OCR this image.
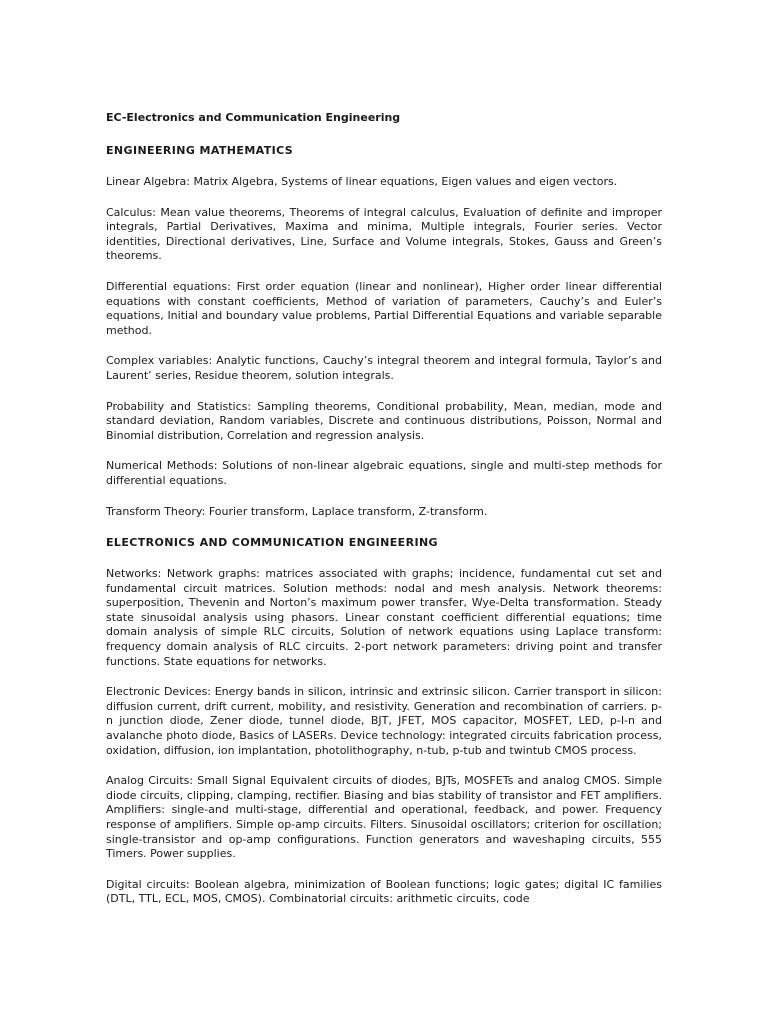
EC-Electronics and Communication Engineering
ENGINEERING MATHEMATICS

Linear Algebra: Matrix Algebra, Systems of linear equations, Eigen values and eigen vectors.

Calculus: Mean value theorems, Theorems of integral calculus, Evaluation of definite and improper integrals, Partial Derivatives, Maxima and minima, Multiple integrals, Fourier series. Vector identities, Directional derivatives, Line, Surface and Volume integrals, Stokes, Gauss and Green’s theorems.

Differential equations: First order equation (linear and nonlinear), Higher order linear differential equations with constant coefficients, Method of variation of parameters, Cauchy’s and Euler’s equations, Initial and boundary value problems, Partial Differential Equations and variable separable method.

Complex variables: Analytic functions, Cauchy’s integral theorem and integral formula, Taylor’s and Laurent’ series, Residue theorem, solution integrals.

Probability and Statistics: Sampling theorems, Conditional probability, Mean, median, mode and standard deviation, Random variables, Discrete and continuous distributions, Poisson, Normal and Binomial distribution, Correlation and regression analysis.

Numerical Methods: Solutions of non-linear algebraic equations, single and multi-step methods for differential equations.

Transform Theory: Fourier transform, Laplace transform, Z-transform.

ELECTRONICS AND COMMUNICATION ENGINEERING

Networks: Network graphs: matrices associated with graphs; incidence, fundamental cut set and fundamental circuit matrices. Solution methods: nodal and mesh analysis. Network theorems: superposition, Thevenin and Norton’s maximum power transfer, Wye-Delta transformation. Steady state sinusoidal analysis using phasors. Linear constant coefficient differential equations; time domain analysis of simple RLC circuits, Solution of network equations using Laplace transform: frequency domain analysis of RLC circuits. 2-port network parameters: driving point and transfer functions. State equations for networks.

Electronic Devices: Energy bands in silicon, intrinsic and extrinsic silicon. Carrier transport in silicon: diffusion current, drift current, mobility, and resistivity. Generation and recombination of carriers. p-n junction diode, Zener diode, tunnel diode, BJT, JFET, MOS capacitor, MOSFET, LED, p-I-n and avalanche photo diode, Basics of LASERs. Device technology: integrated circuits fabrication process, oxidation, diffusion, ion implantation, photolithography, n-tub, p-tub and twintub CMOS process.

Analog Circuits: Small Signal Equivalent circuits of diodes, BJTs, MOSFETs and analog CMOS. Simple diode circuits, clipping, clamping, rectifier. Biasing and bias stability of transistor and FET amplifiers. Amplifiers: single-and multi-stage, differential and operational, feedback, and power. Frequency response of amplifiers. Simple op-amp circuits. Filters. Sinusoidal oscillators; criterion for oscillation; single-transistor and op-amp configurations. Function generators and waveshaping circuits, 555 Timers. Power supplies.

Digital circuits: Boolean algebra, minimization of Boolean functions; logic gates; digital IC families (DTL, TTL, ECL, MOS, CMOS). Combinatorial circuits: arithmetic circuits, code
